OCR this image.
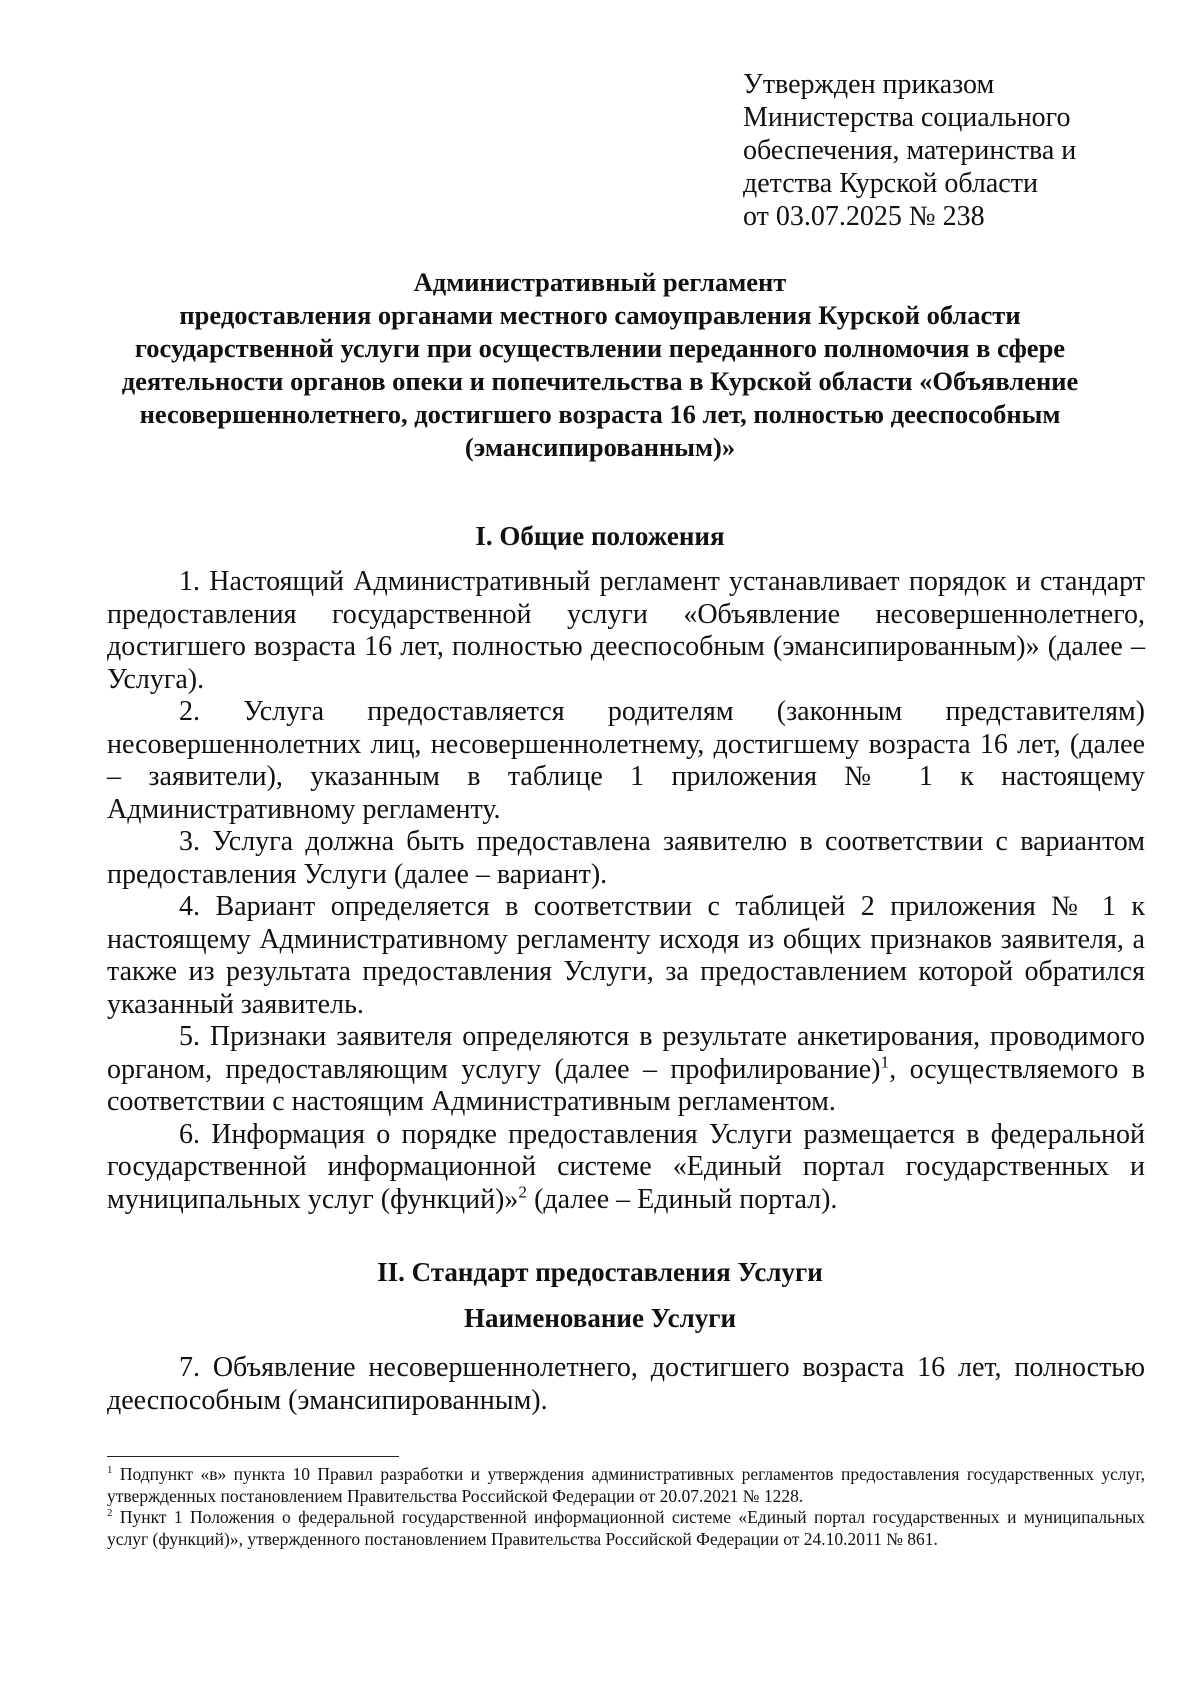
Утвержден приказом
Министерства социального
обеспечения, материнства и
детства Курской области
от 03.07.2025 № 238
Административный регламент
предоставления органами местного самоуправления Курской области
государственной услуги при осуществлении переданного полномочия в сфере
деятельности органов опеки и попечительства в Курской области «Объявление
несовершеннолетнего, достигшего возраста 16 лет, полностью дееспособным
(эмансипированным)»
I. Общие положения
1. Настоящий Административный регламент устанавливает порядок и стандарт предоставления государственной услуги «Объявление несовершеннолетнего, достигшего возраста 16 лет, полностью дееспособным (эмансипированным)» (далее – Услуга).
2. Услуга предоставляется родителям (законным представителям) несовершеннолетних лиц, несовершеннолетнему, достигшему возраста 16 лет, (далее – заявители), указанным в таблице 1 приложения № 1 к настоящему Административному регламенту.
3. Услуга должна быть предоставлена заявителю в соответствии с вариантом предоставления Услуги (далее – вариант).
4. Вариант определяется в соответствии с таблицей 2 приложения № 1 к настоящему Административному регламенту исходя из общих признаков заявителя, а также из результата предоставления Услуги, за предоставлением которой обратился указанный заявитель.
5. Признаки заявителя определяются в результате анкетирования, проводимого органом, предоставляющим услугу (далее – профилирование)$^1$, осуществляемого в соответствии с настоящим Административным регламентом.
6. Информация о порядке предоставления Услуги размещается в федеральной государственной информационной системе «Единый портал государственных и муниципальных услуг (функций)»$^2$ (далее – Единый портал).
II. Стандарт предоставления Услуги
Наименование Услуги
7. Объявление несовершеннолетнего, достигшего возраста 16 лет, полностью дееспособным (эмансипированным).
$^1$ Подпункт «в» пункта 10 Правил разработки и утверждения административных регламентов предоставления государственных услуг, утвержденных постановлением Правительства Российской Федерации от 20.07.2021 № 1228.
$^2$ Пункт 1 Положения о федеральной государственной информационной системе «Единый портал государственных и муниципальных услуг (функций)», утвержденного постановлением Правительства Российской Федерации от 24.10.2011 № 861.
